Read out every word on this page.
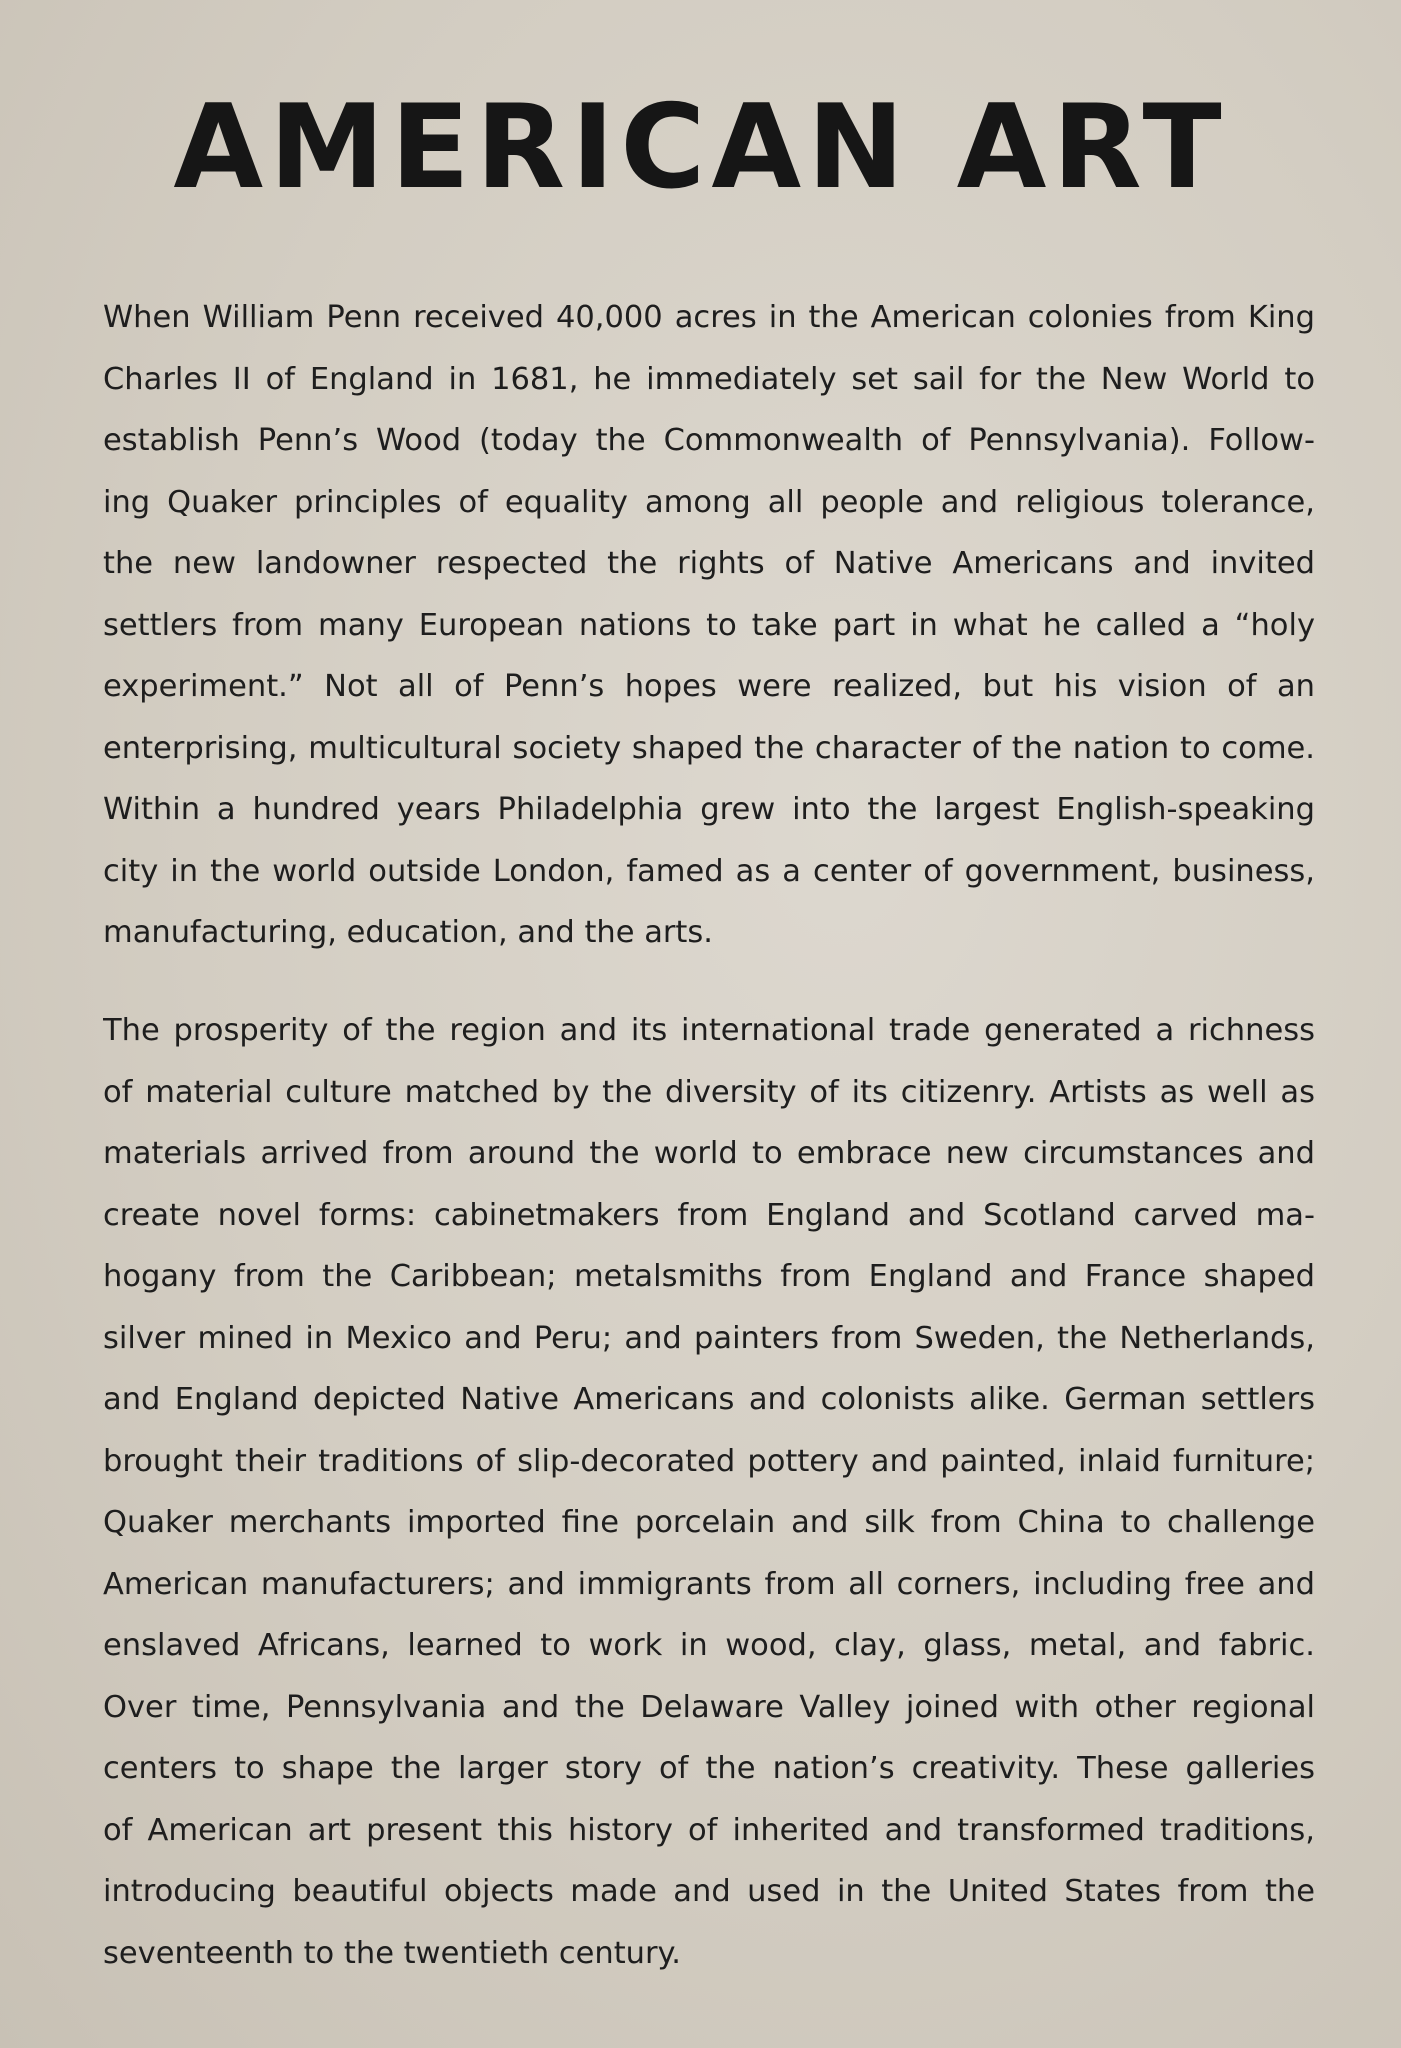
AMERICAN ART
When William Penn received 40,000 acres in the American colonies from King
Charles II of England in 1681, he immediately set sail for the New World to
establish Penn’s Wood (today the Commonwealth of Pennsylvania). Follow-
ing Quaker principles of equality among all people and religious tolerance,
the new landowner respected the rights of Native Americans and invited
settlers from many European nations to take part in what he called a “holy
experiment.” Not all of Penn’s hopes were realized, but his vision of an
enterprising, multicultural society shaped the character of the nation to come.
Within a hundred years Philadelphia grew into the largest English-speaking
city in the world outside London, famed as a center of government, business,
manufacturing, education, and the arts.
The prosperity of the region and its international trade generated a richness
of material culture matched by the diversity of its citizenry. Artists as well as
materials arrived from around the world to embrace new circumstances and
create novel forms: cabinetmakers from England and Scotland carved ma-
hogany from the Caribbean; metalsmiths from England and France shaped
silver mined in Mexico and Peru; and painters from Sweden, the Netherlands,
and England depicted Native Americans and colonists alike. German settlers
brought their traditions of slip-decorated pottery and painted, inlaid furniture;
Quaker merchants imported fine porcelain and silk from China to challenge
American manufacturers; and immigrants from all corners, including free and
enslaved Africans, learned to work in wood, clay, glass, metal, and fabric.
Over time, Pennsylvania and the Delaware Valley joined with other regional
centers to shape the larger story of the nation’s creativity. These galleries
of American art present this history of inherited and transformed traditions,
introducing beautiful objects made and used in the United States from the
seventeenth to the twentieth century.
